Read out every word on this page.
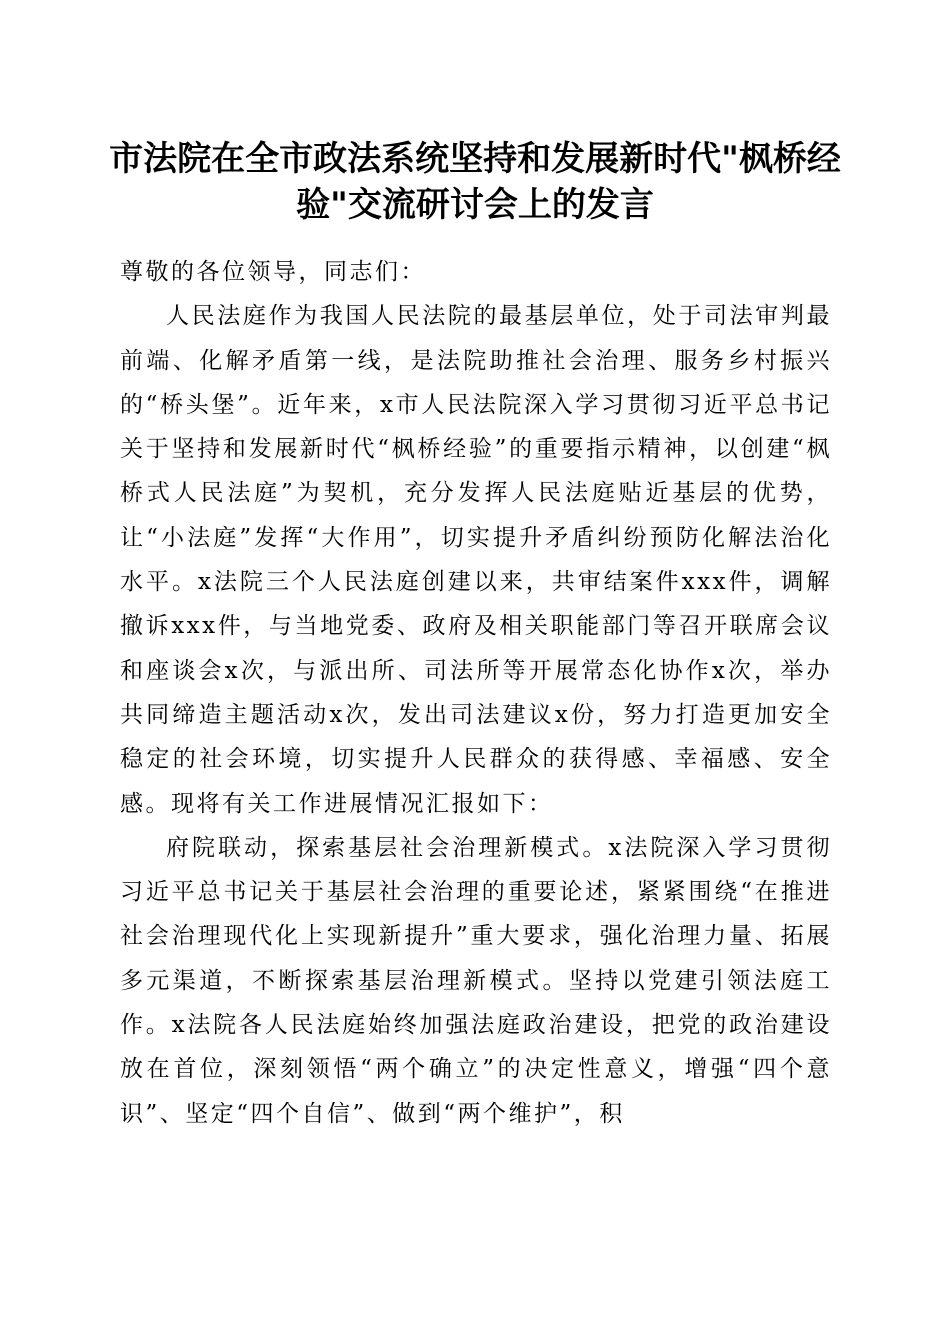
市法院在全市政法系统坚持和发展新时代"枫桥经验"交流研讨会上的发言

尊敬的各位领导，同志们：

人民法庭作为我国人民法院的最基层单位，处于司法审判最前端、化解矛盾第一线，是法院助推社会治理、服务乡村振兴的“桥头堡”。近年来，x市人民法院深入学习贯彻习近平总书记关于坚持和发展新时代“枫桥经验”的重要指示精神，以创建“枫桥式人民法庭”为契机，充分发挥人民法庭贴近基层的优势，让“小法庭”发挥“大作用”，切实提升矛盾纠纷预防化解法治化水平。x法院三个人民法庭创建以来，共审结案件xxx件，调解撤诉xxx件，与当地党委、政府及相关职能部门等召开联席会议和座谈会x次，与派出所、司法所等开展常态化协作x次，举办共同缔造主题活动x次，发出司法建议x份，努力打造更加安全稳定的社会环境，切实提升人民群众的获得感、幸福感、安全感。现将有关工作进展情况汇报如下：

府院联动，探索基层社会治理新模式。x法院深入学习贯彻习近平总书记关于基层社会治理的重要论述，紧紧围绕“在推进社会治理现代化上实现新提升”重大要求，强化治理力量、拓展多元渠道，不断探索基层治理新模式。坚持以党建引领法庭工作。x法院各人民法庭始终加强法庭政治建设，把党的政治建设放在首位，深刻领悟“两个确立”的决定性意义，增强“四个意识”、坚定“四个自信”、做到“两个维护”，积
